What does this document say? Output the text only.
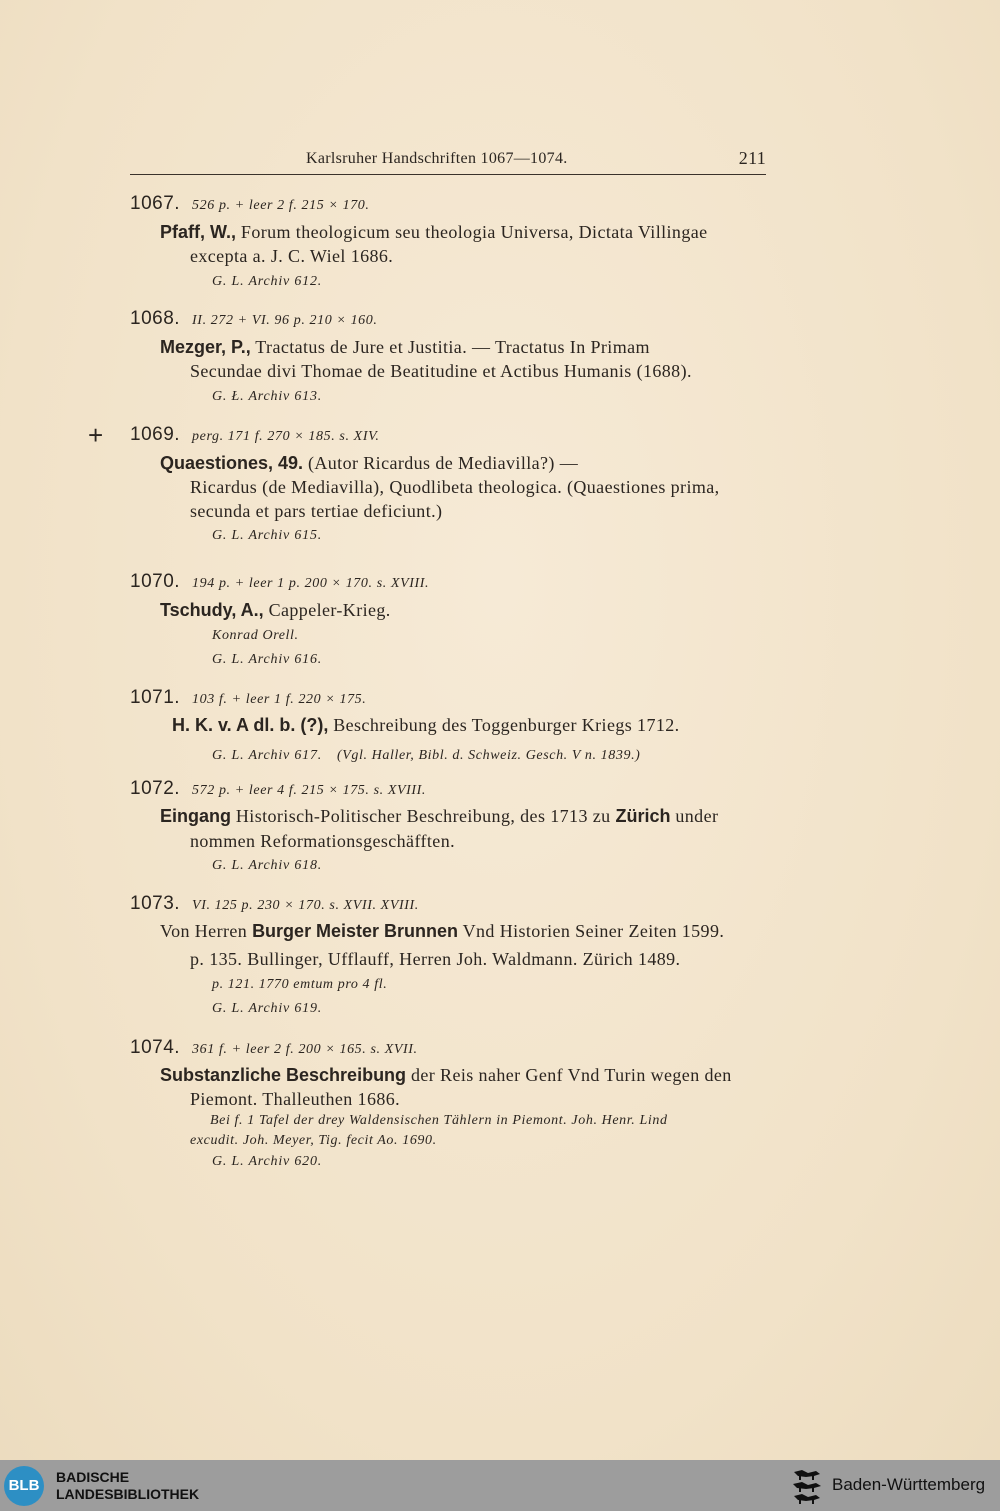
Karlsruher Handschriften 1067—1074.	211
+
1067. 526 p. + leer 2 f. 215 × 170.
Pfaff, W., Forum theologicum seu theologia Universa, Dictata Villingae
excepta a. J. C. Wiel 1686.
G. L. Archiv 612.
1068. II. 272 + VI. 96 p. 210 × 160.
Mezger, P., Tractatus de Jure et Justitia. — Tractatus In Primam
Secundae divi Thomae de Beatitudine et Actibus Humanis (1688).
G. Ł. Archiv 613.
1069. perg. 171 f. 270 × 185. s. XIV.
Quaestiones, 49. (Autor Ricardus de Mediavilla?) —
Ricardus (de Mediavilla), Quodlibeta theologica. (Quaestiones prima,
secunda et pars tertiae deficiunt.)
G. L. Archiv 615.
1070. 194 p. + leer 1 p. 200 × 170. s. XVIII.
Tschudy, A., Cappeler-Krieg.
Konrad Orell.
G. L. Archiv 616.
1071. 103 f. + leer 1 f. 220 × 175.
H. K. v. A dl. b. (?), Beschreibung des Toggenburger Kriegs 1712.
G. L. Archiv 617. (Vgl. Haller, Bibl. d. Schweiz. Gesch. V n. 1839.)
1072. 572 p. + leer 4 f. 215 × 175. s. XVIII.
Eingang Historisch-Politischer Beschreibung, des 1713 zu Zürich under
nommen Reformationsgeschäfften.
G. L. Archiv 618.
1073. VI. 125 p. 230 × 170. s. XVII. XVIII.
Von Herren Burger Meister Brunnen Vnd Historien Seiner Zeiten 1599.
p. 135. Bullinger, Ufflauff, Herren Joh. Waldmann. Zürich 1489.
p. 121. 1770 emtum pro 4 fl.
G. L. Archiv 619.
1074. 361 f. + leer 2 f. 200 × 165. s. XVII.
Substanzliche Beschreibung der Reis naher Genf Vnd Turin wegen den
Piemont. Thalleuthen 1686.
Bei f. 1 Tafel der drey Waldensischen Tählern in Piemont. Joh. Henr. Lind
excudit. Joh. Meyer, Tig. fecit Ao. 1690.
G. L. Archiv 620.
BLB	BADISCHE
LANDESBIBLIOTHEK	Baden-Württemberg
